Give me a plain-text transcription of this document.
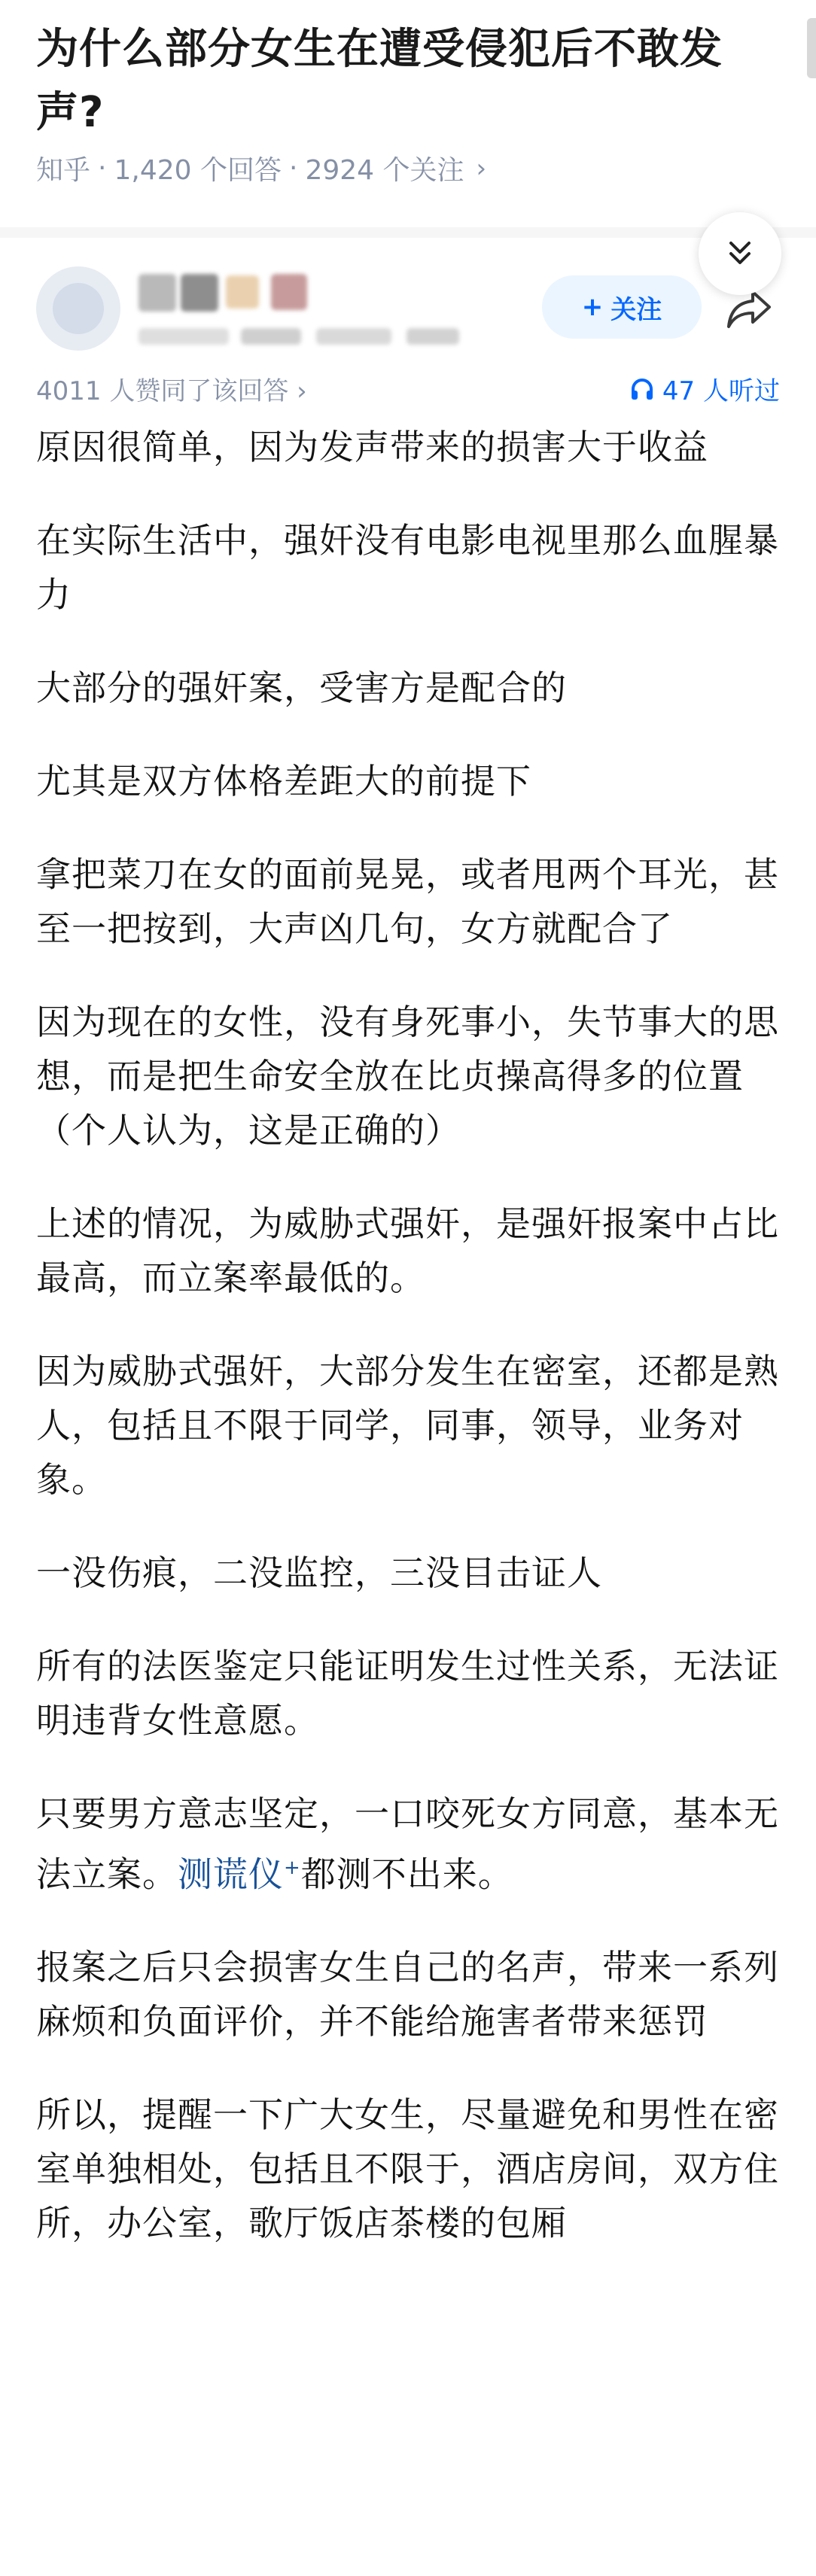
为什么部分女生在遭受侵犯后不敢发声?
知乎 · 1,420 个回答 · 2924 个关注 ›
+ 关注
4011 人赞同了该回答 ›	47 人听过

原因很简单，因为发声带来的损害大于收益

在实际生活中，强奸没有电影电视里那么血腥暴力

大部分的强奸案，受害方是配合的

尤其是双方体格差距大的前提下

拿把菜刀在女的面前晃晃，或者甩两个耳光，甚至一把按到，大声凶几句，女方就配合了

因为现在的女性，没有身死事小，失节事大的思想，而是把生命安全放在比贞操高得多的位置（个人认为，这是正确的）

上述的情况，为威胁式强奸，是强奸报案中占比最高，而立案率最低的。

因为威胁式强奸，大部分发生在密室，还都是熟人，包括且不限于同学，同事，领导，业务对象。

一没伤痕，二没监控，三没目击证人

所有的法医鉴定只能证明发生过性关系，无法证明违背女性意愿。

只要男方意志坚定，一口咬死女方同意，基本无法立案。测谎仪+都测不出来。

报案之后只会损害女生自己的名声，带来一系列麻烦和负面评价，并不能给施害者带来惩罚

所以，提醒一下广大女生，尽量避免和男性在密室单独相处，包括且不限于，酒店房间，双方住所，办公室，歌厅饭店茶楼的包厢
